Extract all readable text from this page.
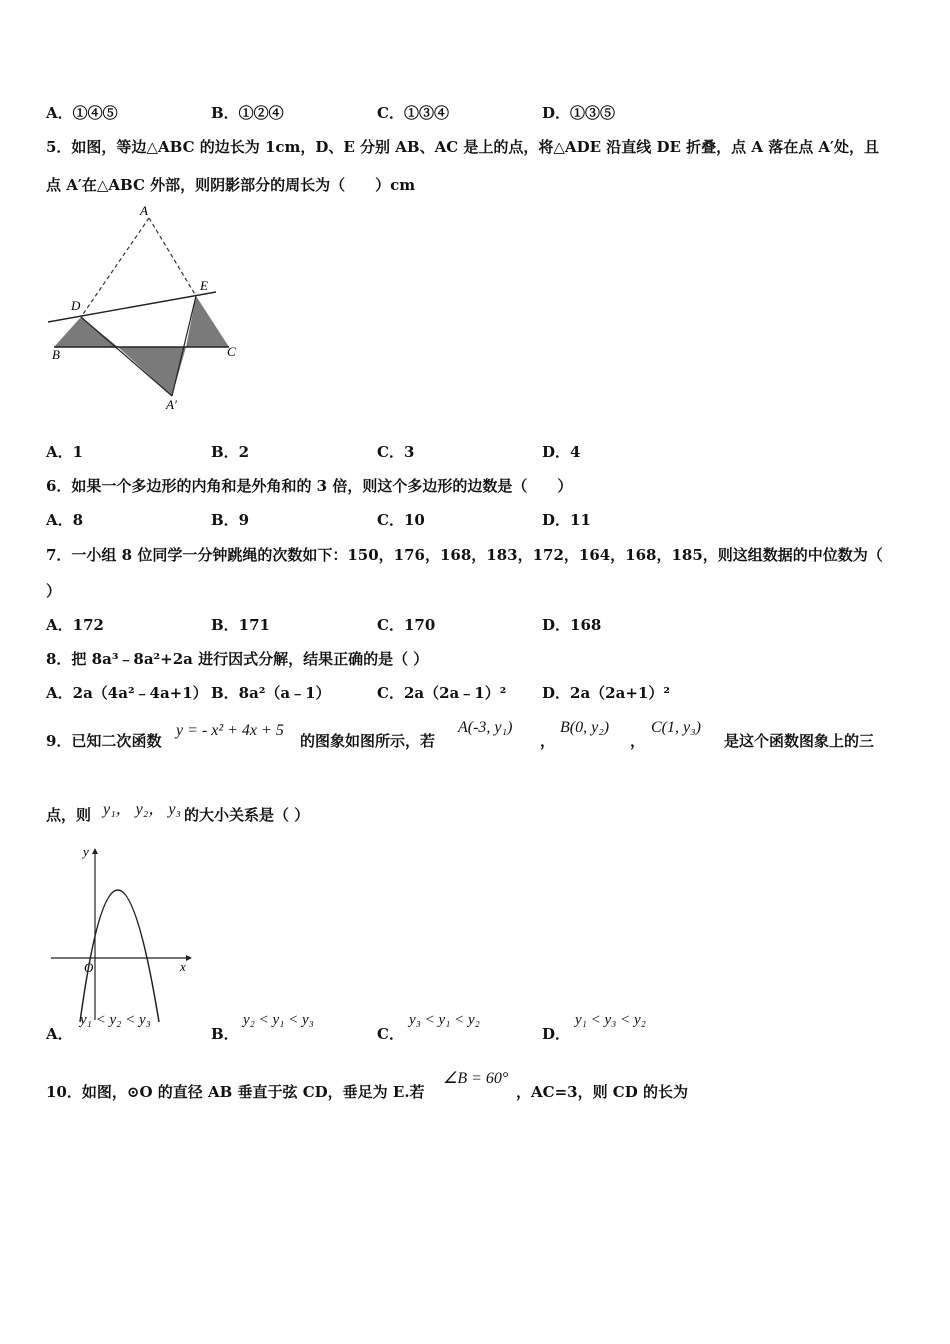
A．①④⑤	B．①②④	C．①③④	D．①③⑤
5．如图，等边△ABC 的边长为 1cm，D、E 分别 AB、AC 是上的点，将△ADE 沿直线 DE 折叠，点 A 落在点 A′处，且
点 A′在△ABC 外部，则阴影部分的周长为（　　）cm
A
D
E
B	C
A′
A．1	B．2	C．3	D．4
6．如果一个多边形的内角和是外角和的 3 倍，则这个多边形的边数是（　　）
A．8	B．9	C．10	D．11
7．一小组 8 位同学一分钟跳绳的次数如下：150，176，168，183，172，164，168，185，则这组数据的中位数为（
）
A．172	B．171	C．170	D．168
8．把 8a³﹣8a²+2a 进行因式分解，结果正确的是（ ）
A．2a（4a²﹣4a+1） B．8a²（a﹣1）	C．2a（2a﹣1）² D．2a（2a+1）²
9．已知二次函数
y = - x² + 4x + 5
的图象如图所示，若
A(-3, y₁)
，
B(0, y₂)
，
C(1, y₃)
是这个函数图象上的三
点，则 y₁， y₂， y₃ 的大小关系是（ ）
y
x
O
A．
y₁ < y₂ < y₃
B．
y₂ < y₁ < y₃
C．
y₃ < y₁ < y₂
D．
y₁ < y₃ < y₂
10．如图，⊙O 的直径 AB 垂直于弦 CD，垂足为 E.若
∠B = 60°
，AC=3，则 CD 的长为
